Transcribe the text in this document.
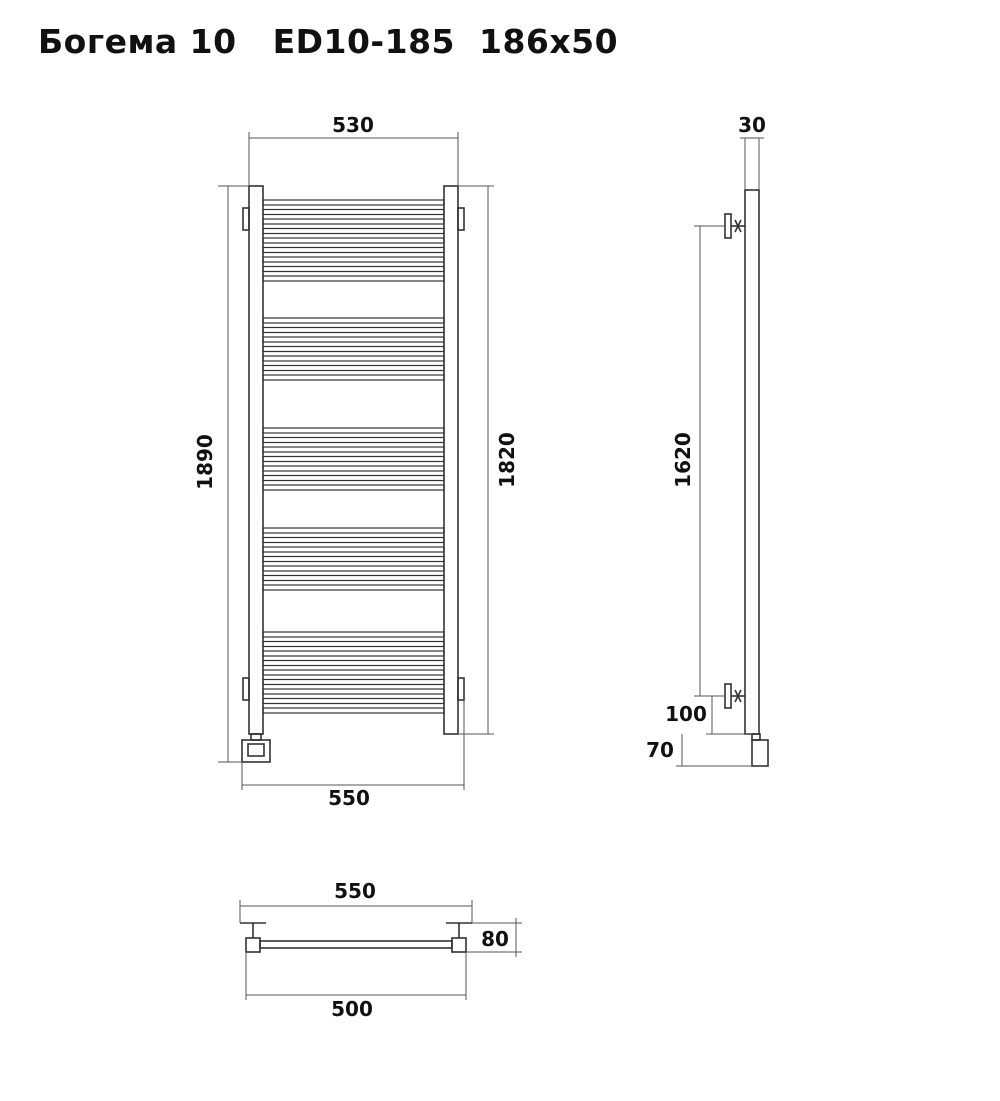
Богема 10   ED10-185  186x50
530
1890	1820
550
30
1620
100
70
550
80
500
